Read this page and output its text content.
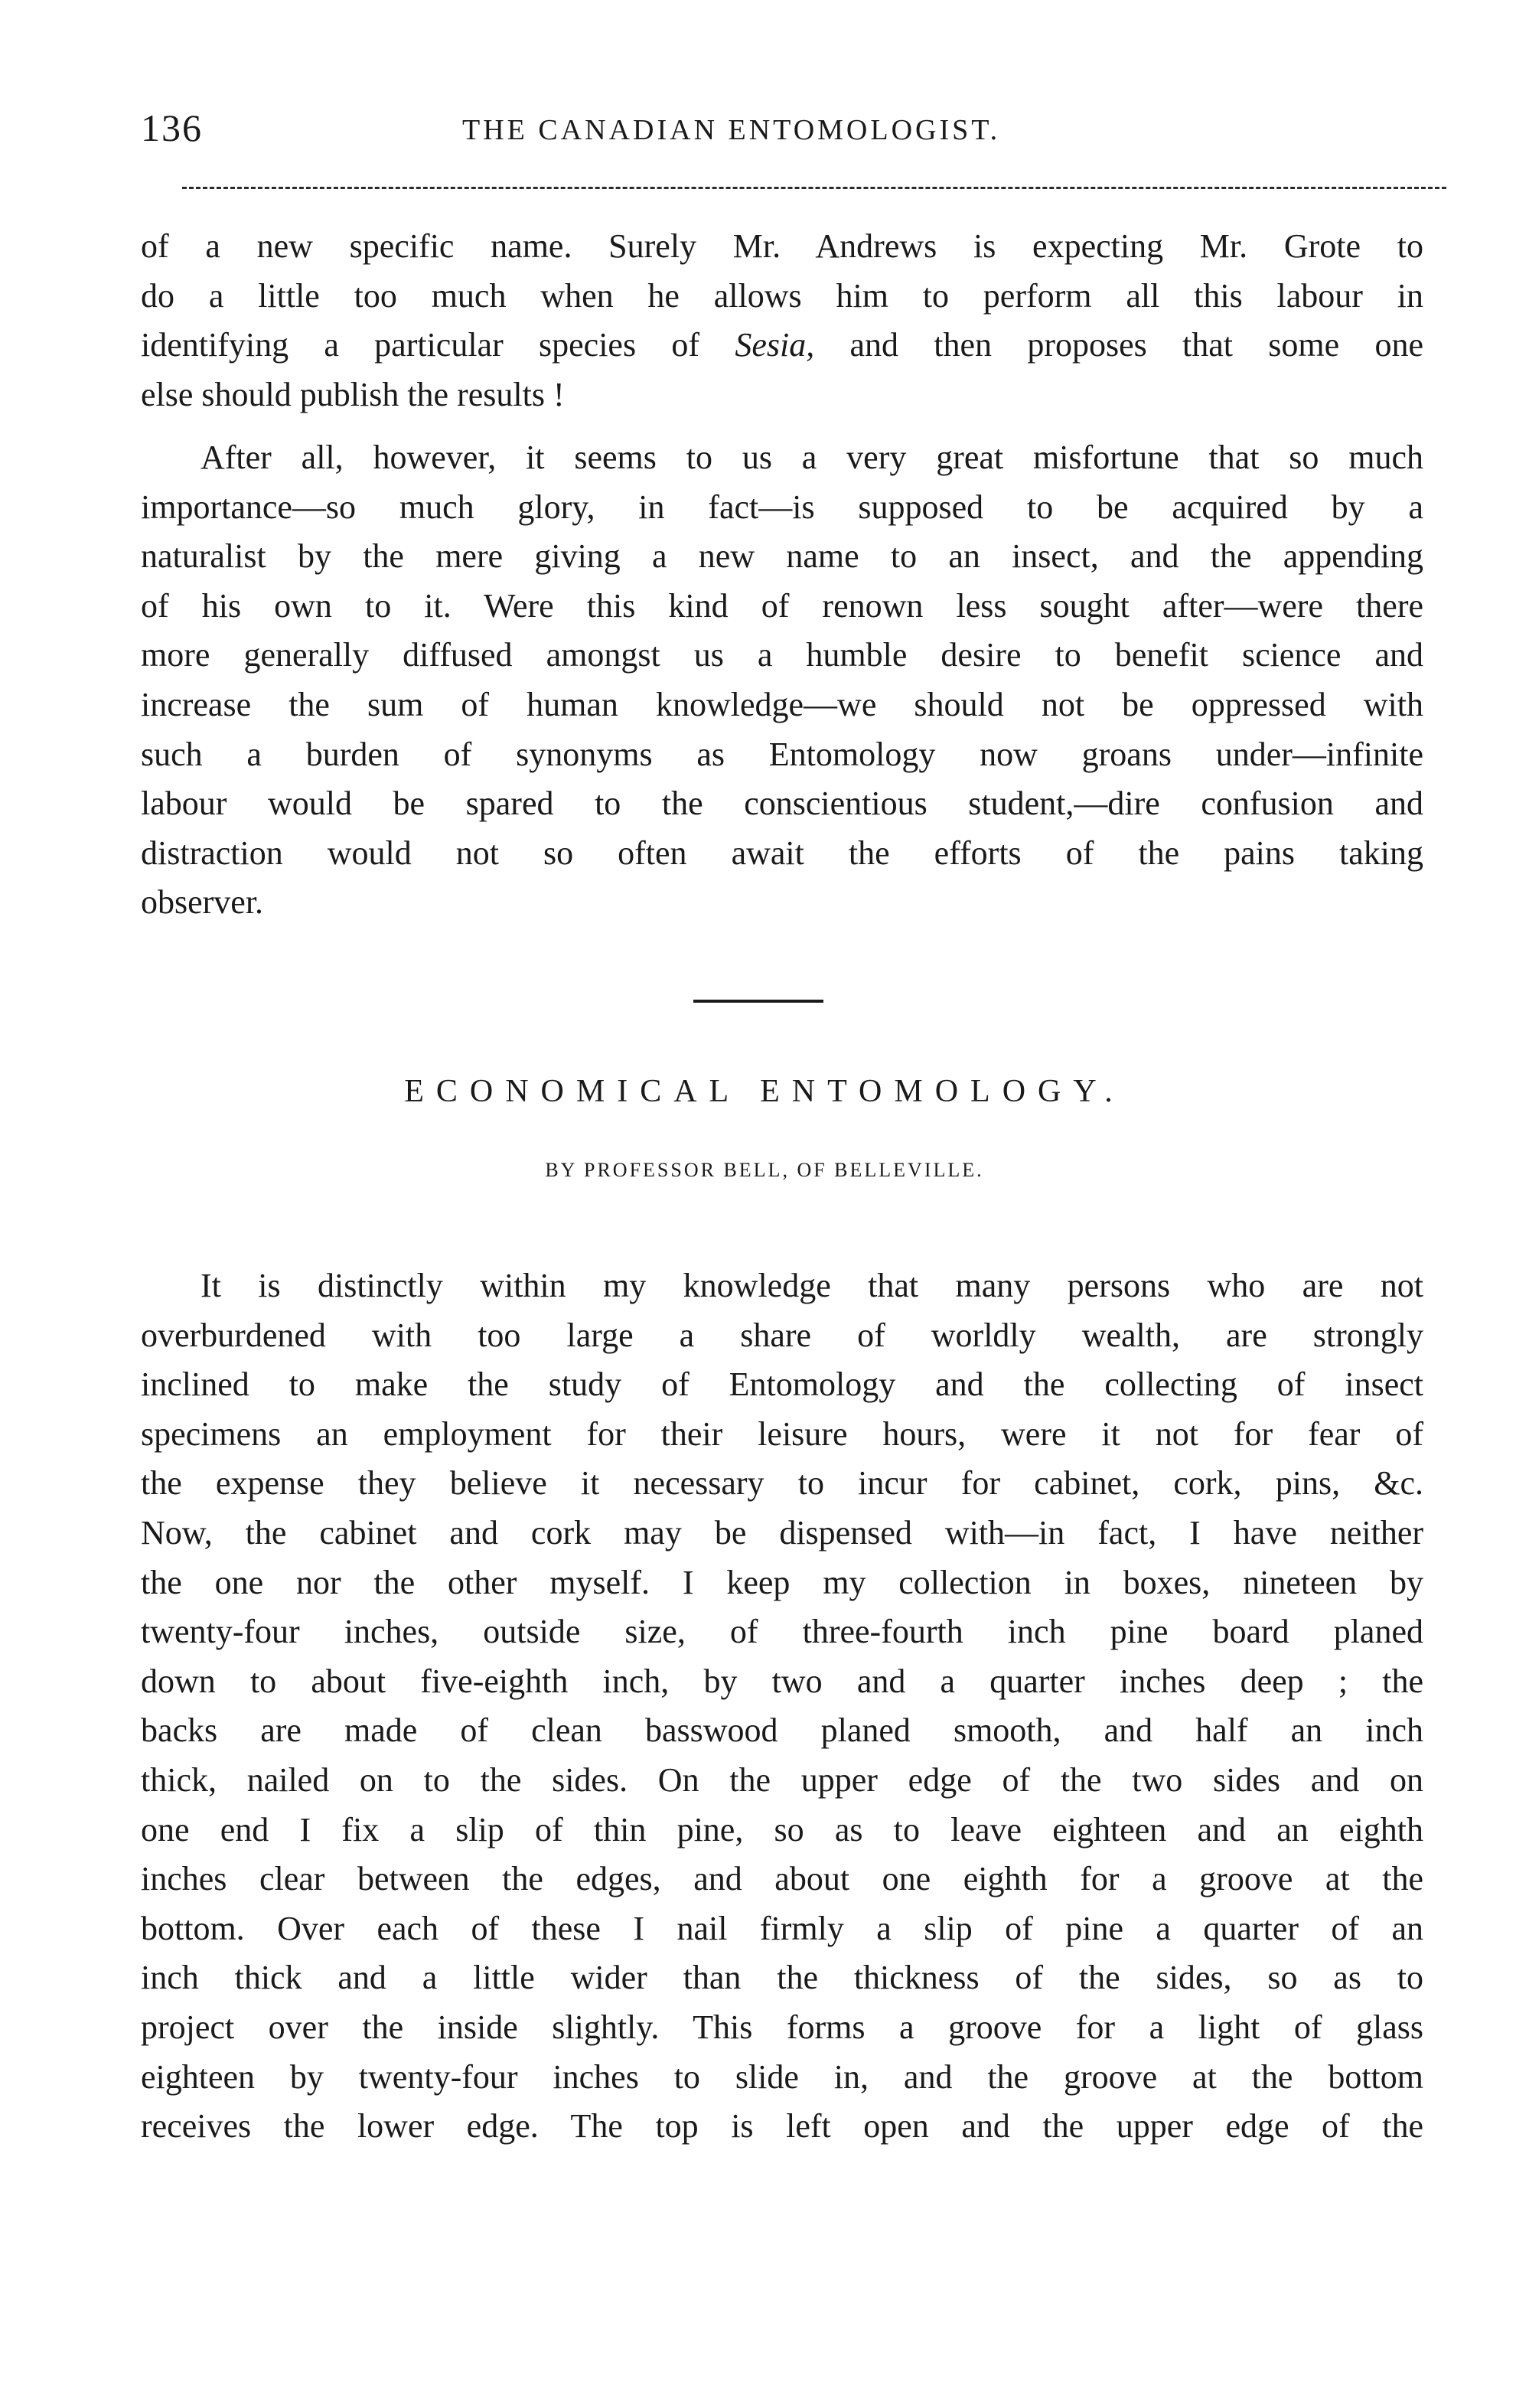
136	THE CANADIAN ENTOMOLOGIST.
of a new specific name. Surely Mr. Andrews is expecting Mr. Grote to
do a little too much when he allows him to perform all this labour in
identifying a particular species of Sesia, and then proposes that some one
else should publish the results !
After all, however, it seems to us a very great misfortune that so much
importance—so much glory, in fact—is supposed to be acquired by a
naturalist by the mere giving a new name to an insect, and the appending
of his own to it. Were this kind of renown less sought after—were there
more generally diffused amongst us a humble desire to benefit science and
increase the sum of human knowledge—we should not be oppressed with
such a burden of synonyms as Entomology now groans under—infinite
labour would be spared to the conscientious student,—dire confusion and
distraction would not so often await the efforts of the pains taking
observer.
ECONOMICAL ENTOMOLOGY.
BY PROFESSOR BELL, OF BELLEVILLE.
It is distinctly within my knowledge that many persons who are not
overburdened with too large a share of worldly wealth, are strongly
inclined to make the study of Entomology and the collecting of insect
specimens an employment for their leisure hours, were it not for fear of
the expense they believe it necessary to incur for cabinet, cork, pins, &c.
Now, the cabinet and cork may be dispensed with—in fact, I have neither
the one nor the other myself. I keep my collection in boxes, nineteen by
twenty-four inches, outside size, of three-fourth inch pine board planed
down to about five-eighth inch, by two and a quarter inches deep ; the
backs are made of clean basswood planed smooth, and half an inch
thick, nailed on to the sides. On the upper edge of the two sides and on
one end I fix a slip of thin pine, so as to leave eighteen and an eighth
inches clear between the edges, and about one eighth for a groove at the
bottom. Over each of these I nail firmly a slip of pine a quarter of an
inch thick and a little wider than the thickness of the sides, so as to
project over the inside slightly. This forms a groove for a light of glass
eighteen by twenty-four inches to slide in, and the groove at the bottom
receives the lower edge. The top is left open and the upper edge of the
